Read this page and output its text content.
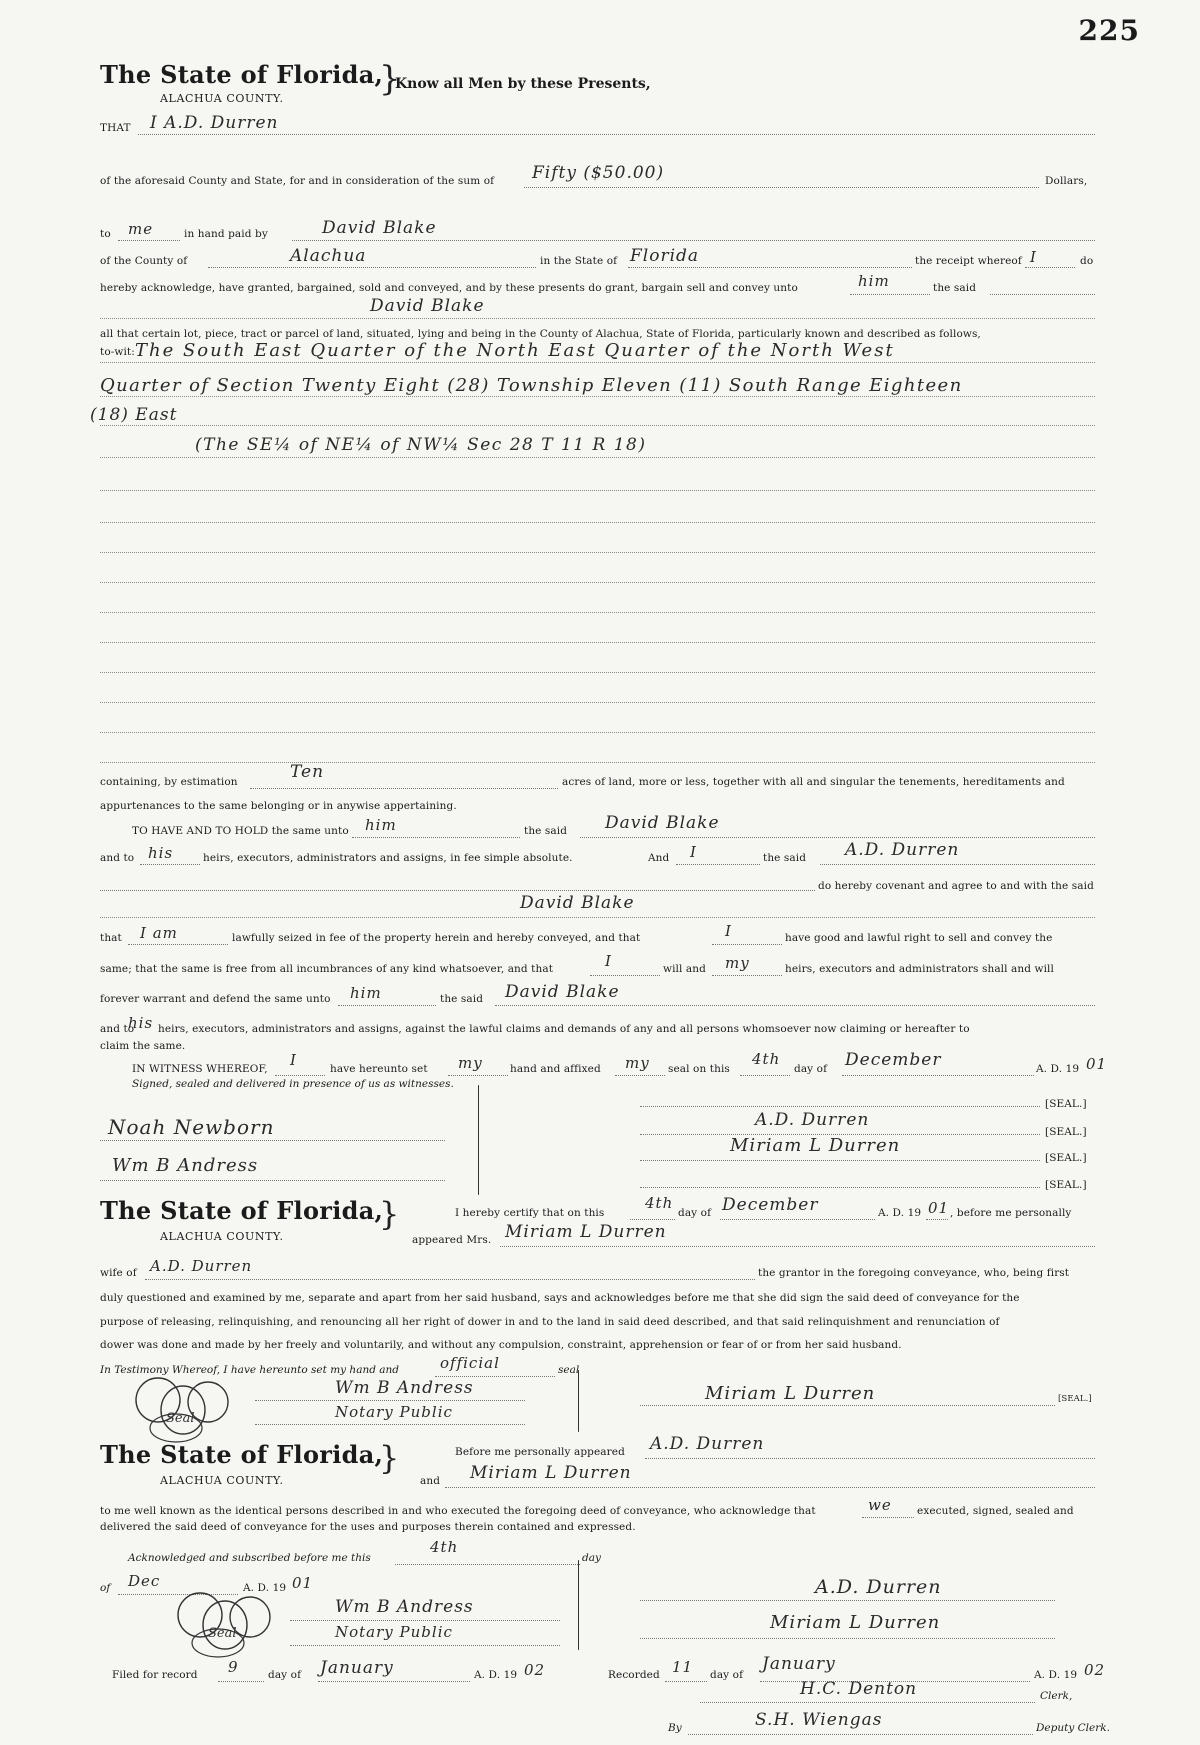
225
The State of Florida,
ALACHUA COUNTY.	}
Know all Men by these Presents,
THAT I A.D. Durren
of the aforesaid County and State, for and in consideration of the sum of Fifty ($50.00)	Dollars,
to me	in hand paid by	David Blake
of the County of	Alachua	in the State of Florida	the receipt whereof I	do
hereby acknowledge, have granted, bargained, sold and conveyed, and by these presents do grant, bargain sell and convey unto	him	the said
David Blake
all that certain lot, piece, tract or parcel of land, situated, lying and being in the County of Alachua, State of Florida, particularly known and described as follows,
to-wit: The South East Quarter of the North East Quarter of the North West
Quarter of Section Twenty Eight (28) Township Eleven (11) South Range Eighteen
(18) East
(The SE¼ of NE¼ of NW¼ Sec 28 T 11 R 18)
containing, by estimation	Ten	acres of land, more or less, together with all and singular the tenements, hereditaments and
appurtenances to the same belonging or in anywise appertaining.
TO HAVE AND TO HOLD the same unto him	the said David Blake
and to his	heirs, executors, administrators and assigns, in fee simple absolute.	And I	the said A.D. Durren
do hereby covenant and agree to and with the said
David Blake
that I am	lawfully seized in fee of the property herein and hereby conveyed, and that	I	have good and lawful right to sell and convey the
same; that the same is free from all incumbrances of any kind whatsoever, and that	I	will and my	heirs, executors and administrators shall and will
forever warrant and defend the same unto him	the said David Blake
and to
his heirs, executors, administrators and assigns, against the lawful claims and demands of any and all persons whomsoever now claiming or hereafter to
claim the same.
IN WITNESS WHEREOF, I	have hereunto set my	hand and affixed my seal on this
4th
day of December	A. D. 19 01
Signed, sealed and delivered in presence of us as witnesses.
Noah Newborn
Wm B Andress
[SEAL.]
A.D. Durren
[SEAL.]
Miriam L Durren
[SEAL.]
[SEAL.]
The State of Florida,
}
ALACHUA COUNTY.
I hereby certify that on this
4th
day of December	A. D. 19 01 , before me personally
appeared Mrs. Miriam L Durren
wife of A.D. Durren	the grantor in the foregoing conveyance, who, being first
duly questioned and examined by me, separate and apart from her said husband, says and acknowledges before me that she did sign the said deed of conveyance for the
purpose of releasing, relinquishing, and renouncing all her right of dower in and to the land in said deed described, and that said relinquishment and renunciation of
dower was done and made by her freely and voluntarily, and without any compulsion, constraint, apprehension or fear of or from her said husband.
In Testimony Whereof, I have hereunto set my hand and	official	seal
Seal
Wm B Andress
Notary Public
Miriam L Durren	[SEAL.]
The State of Florida,
}
ALACHUA COUNTY.
Before me personally appeared A.D. Durren
and Miriam L Durren
to me well known as the identical persons described in and who executed the foregoing deed of conveyance, who acknowledge that	we executed, signed, sealed and
delivered the said deed of conveyance for the uses and purposes therein contained and expressed.
Acknowledged and subscribed before me this
4th
day
of Dec	A. D. 19 01
Seal
Wm B Andress
Notary Public
A.D. Durren
Miriam L Durren
Filed for record 9	day of January	A. D. 19 02	Recorded 11 day of
January
A. D. 19 02
H.C. Denton	Clerk,
By	S.H. Wiengas	Deputy Clerk.
